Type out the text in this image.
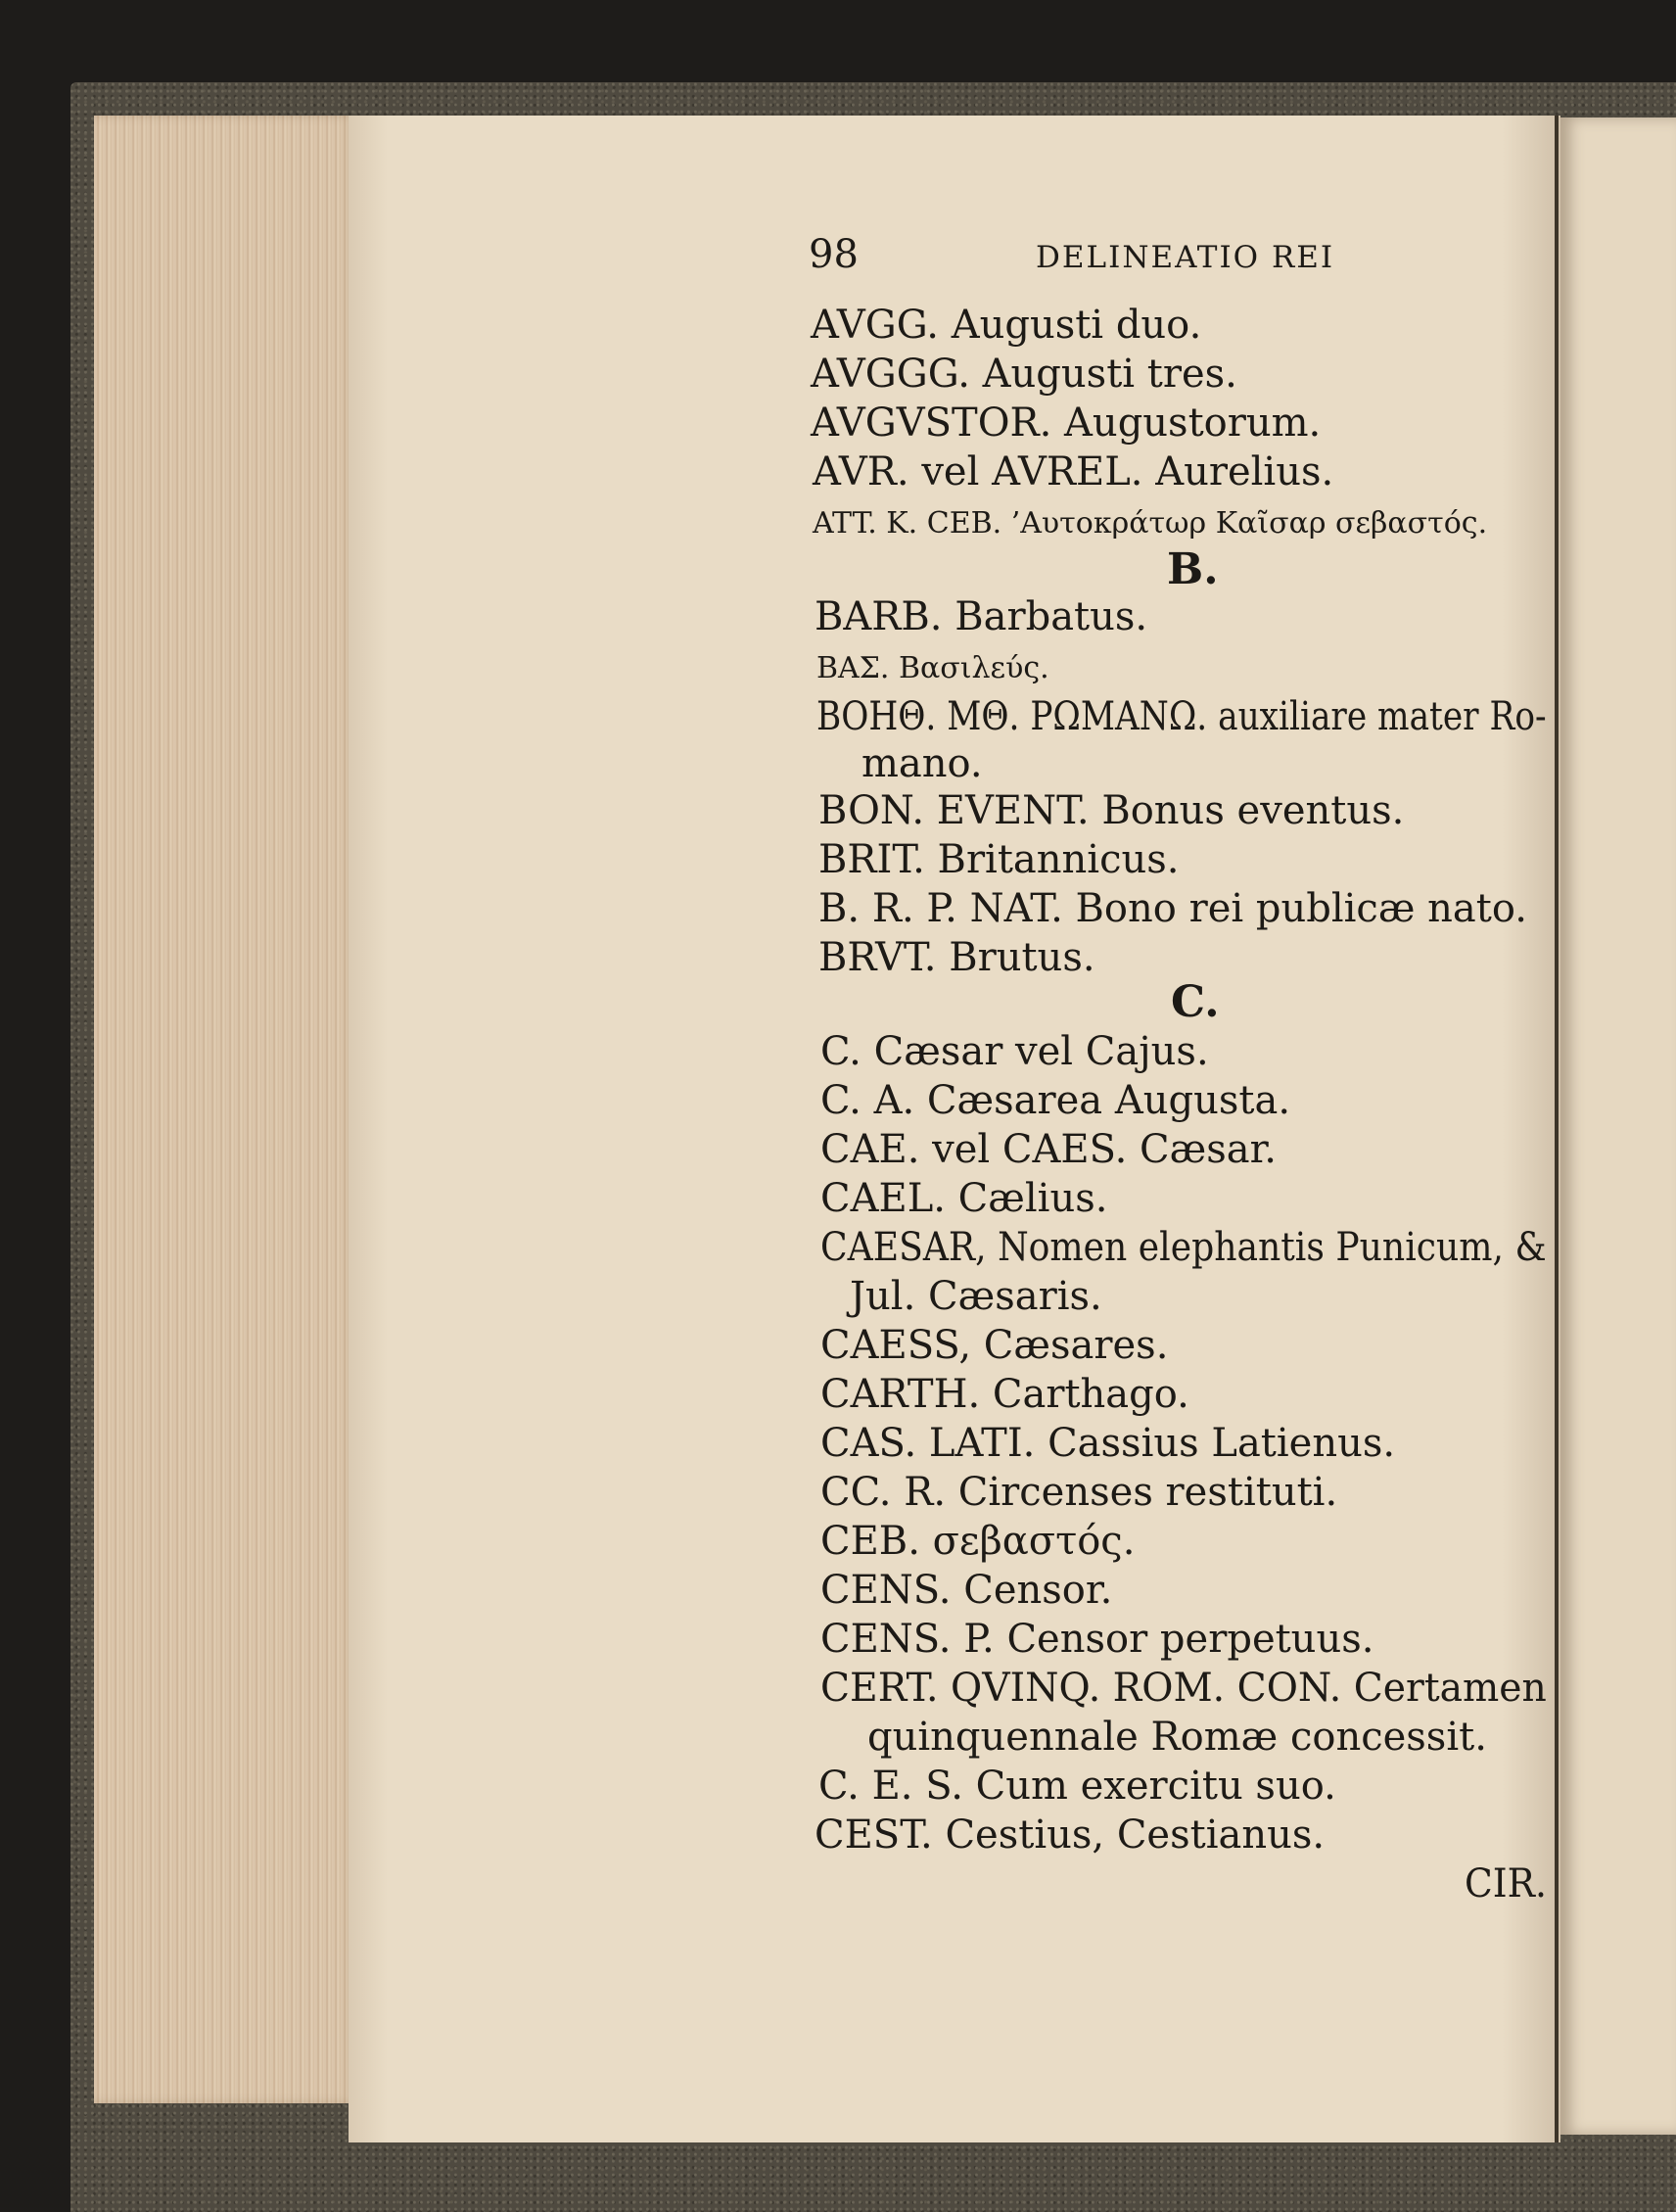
98	DELINEATIO REI
AVGG. Augusti duo.
AVGGG. Augusti tres.
AVGVSTOR. Augustorum.
AVR. vel AVREL. Aurelius.
ATT. K. CEB. ’Αυτοκράτωρ Καῖσαρ σεβαστός.
B.
BARB. Barbatus.
ΒΑΣ. Βασιλεύς.
ΒΟΗΘ. ΜΘ. ΡΩΜΑΝΩ. auxiliare mater Ro-
mano.
BON. EVENT. Bonus eventus.
BRIT. Britannicus.
B. R. P. NAT. Bono rei publicæ nato.
BRVT. Brutus.
C.
C. Cæsar vel Cajus.
C. A. Cæsarea Augusta.
CAE. vel CAES. Cæsar.
CAEL. Cælius.
CAESAR, Nomen elephantis Punicum, &
Jul. Cæsaris.
CAESS, Cæsares.
CARTH. Carthago.
CAS. LATI. Cassius Latienus.
CC. R. Circenses restituti.
CEB. σεβαστός.
CENS. Censor.
CENS. P. Censor perpetuus.
CERT. QVINQ. ROM. CON. Certamen
quinquennale Romæ concessit.
C. E. S. Cum exercitu suo.
CEST. Cestius, Cestianus.
CIR.
